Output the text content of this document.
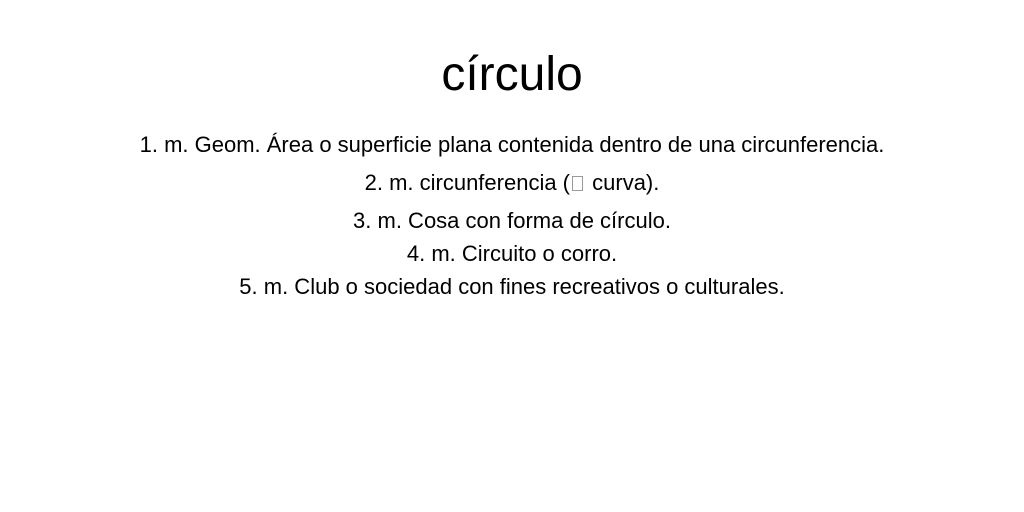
círculo
1. m. Geom. Área o superficie plana contenida dentro de una circunferencia.
2. m. circunferencia ( curva).
3. m. Cosa con forma de círculo.
4. m. Circuito o corro.
5. m. Club o sociedad con fines recreativos o culturales.
